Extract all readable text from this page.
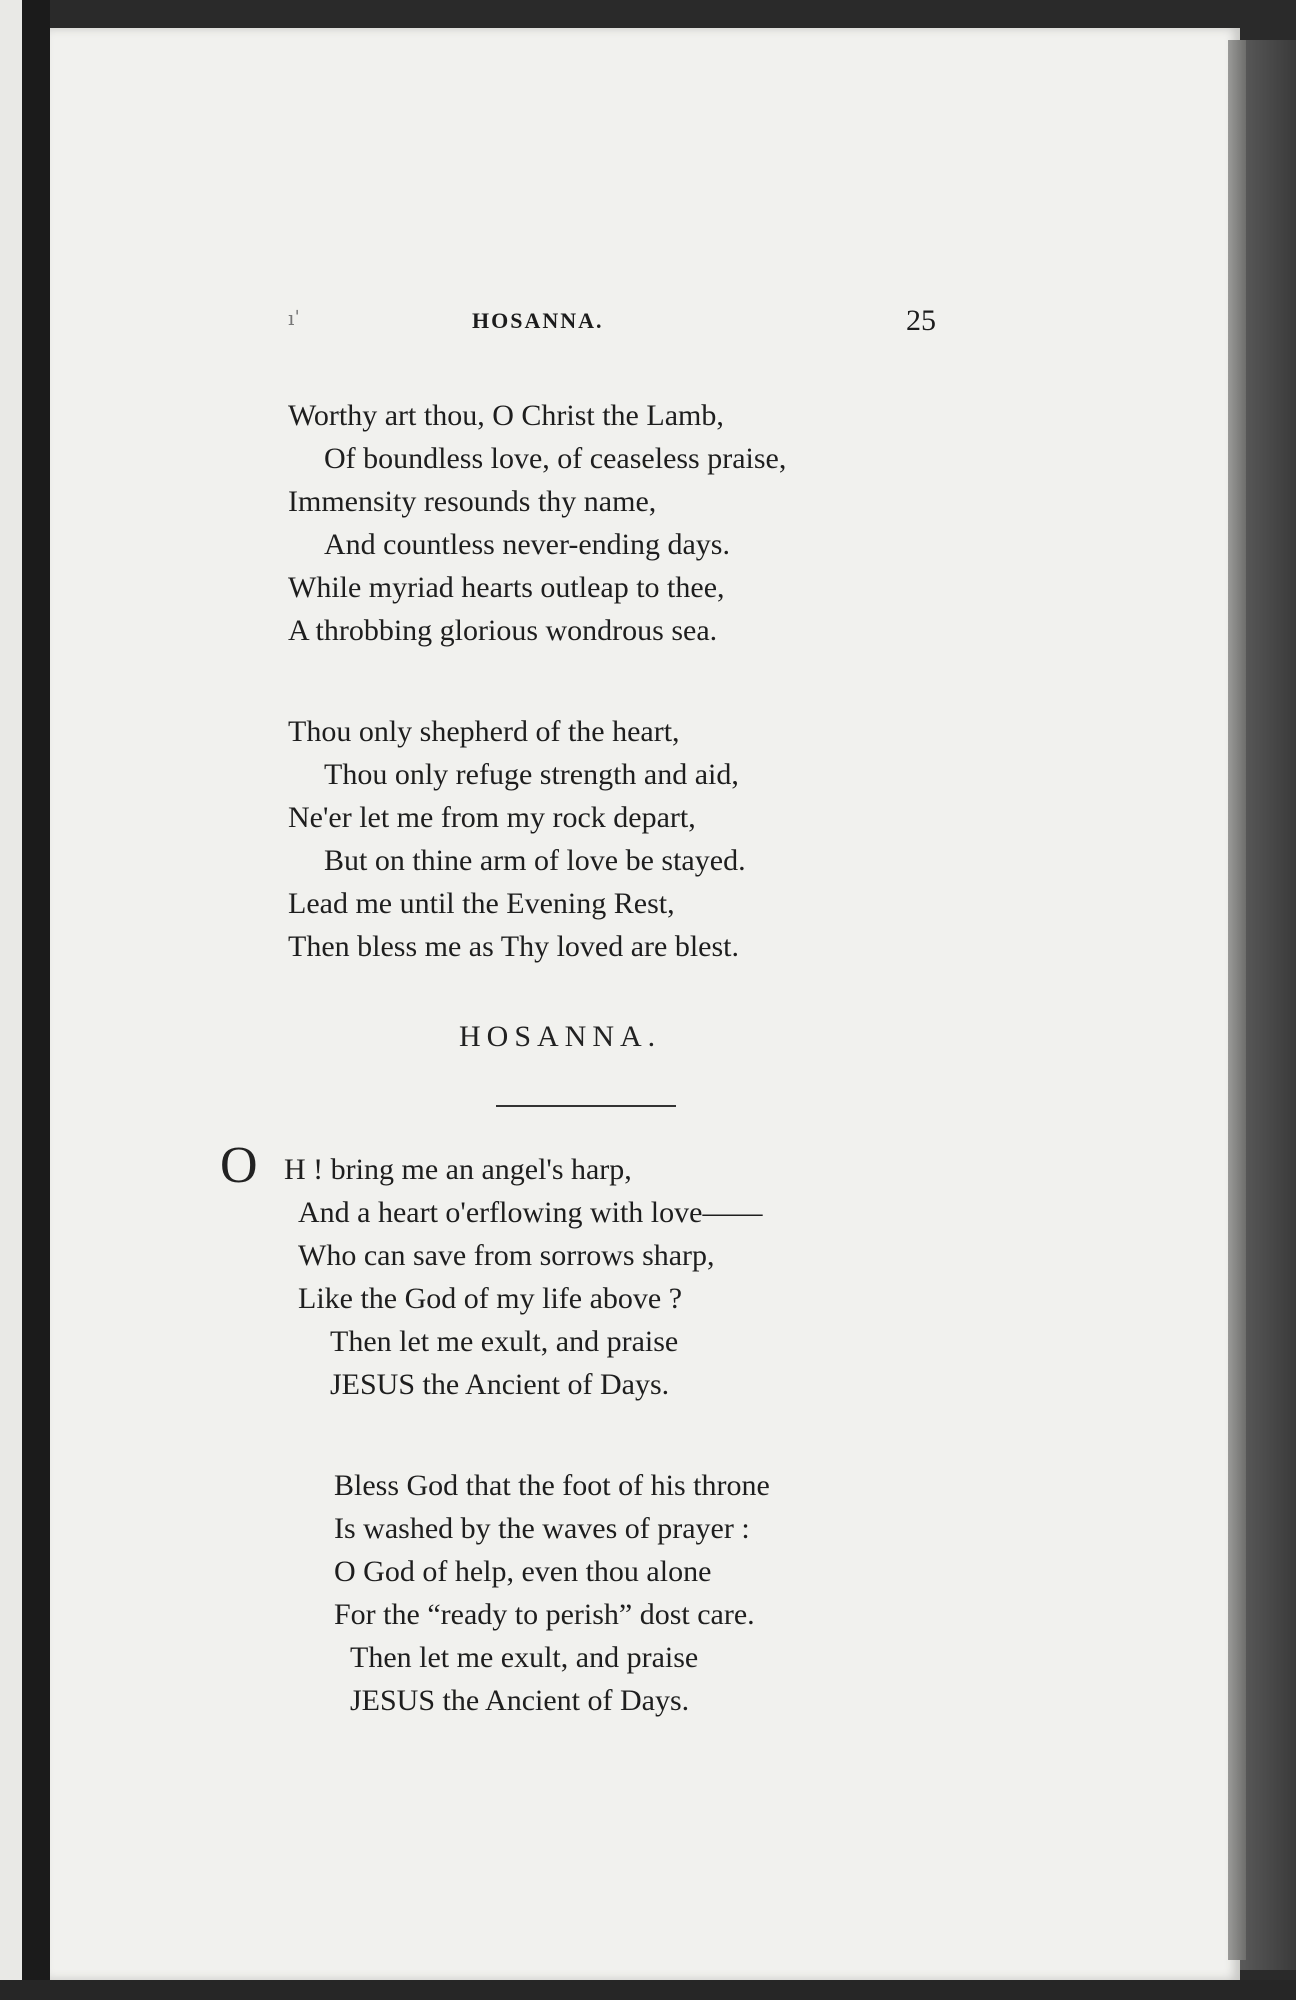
ıˈ	HOSANNA.	25
Worthy art thou, O Christ the Lamb,
Of boundless love, of ceaseless praise,
Immensity resounds thy name,
And countless never-ending days.
While myriad hearts outleap to thee,
A throbbing glorious wondrous sea.
Thou only shepherd of the heart,
Thou only refuge strength and aid,
Ne'er let me from my rock depart,
But on thine arm of love be stayed.
Lead me until the Evening Rest,
Then bless me as Thy loved are blest.
HOSANNA.
O H ! bring me an angel's harp,
And a heart o'erflowing with love——
Who can save from sorrows sharp,
Like the God of my life above ?
Then let me exult, and praise
JESUS the Ancient of Days.
Bless God that the foot of his throne
Is washed by the waves of prayer :
O God of help, even thou alone
For the “ready to perish” dost care.
Then let me exult, and praise
JESUS the Ancient of Days.
